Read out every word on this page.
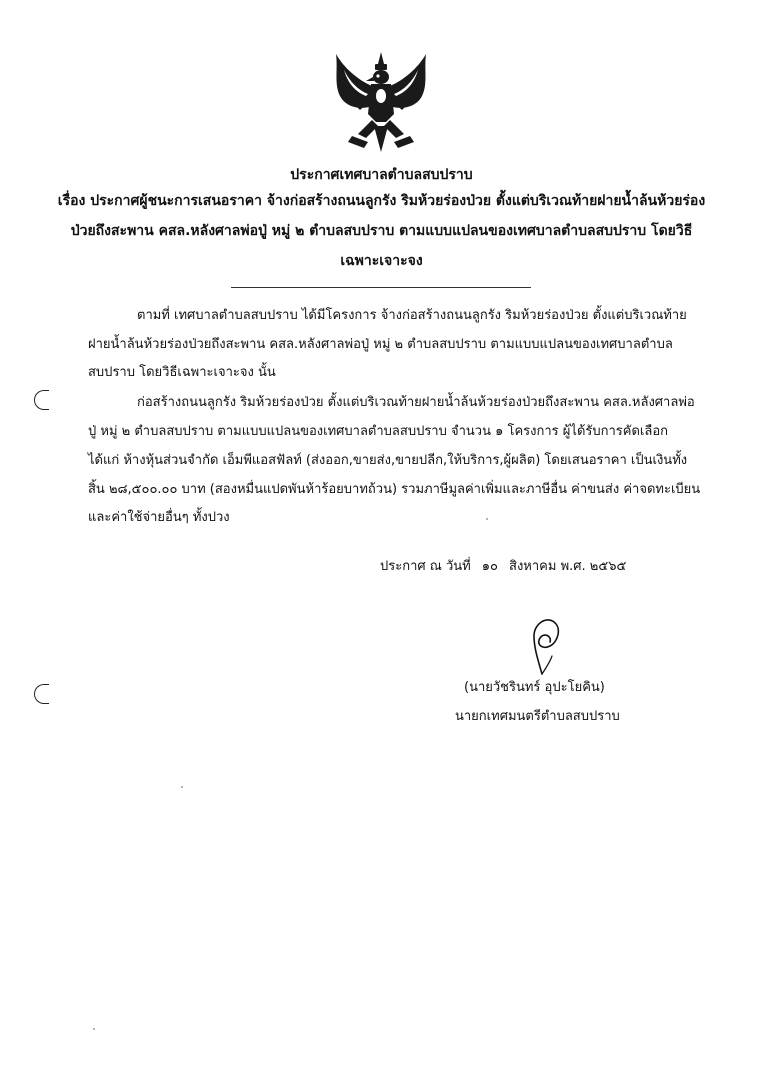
ประกาศเทศบาลตำบลสบปราบ
เรื่อง ประกาศผู้ชนะการเสนอราคา จ้างก่อสร้างถนนลูกรัง ริมห้วยร่องป่วย ตั้งแต่บริเวณท้ายฝายน้ำล้นห้วยร่อง
ป่วยถึงสะพาน คสล.หลังศาลพ่อปู่ หมู่ ๒ ตำบลสบปราบ ตามแบบแปลนของเทศบาลตำบลสบปราบ โดยวิธี
เฉพาะเจาะจง
ตามที่ เทศบาลตำบลสบปราบ ได้มีโครงการ จ้างก่อสร้างถนนลูกรัง ริมห้วยร่องป่วย ตั้งแต่บริเวณท้าย
ฝายน้ำล้นห้วยร่องป่วยถึงสะพาน คสล.หลังศาลพ่อปู่ หมู่ ๒ ตำบลสบปราบ ตามแบบแปลนของเทศบาลตำบล
สบปราบ โดยวิธีเฉพาะเจาะจง นั้น
ก่อสร้างถนนลูกรัง ริมห้วยร่องป่วย ตั้งแต่บริเวณท้ายฝายน้ำล้นห้วยร่องป่วยถึงสะพาน คสล.หลังศาลพ่อ
ปู่ หมู่ ๒ ตำบลสบปราบ ตามแบบแปลนของเทศบาลตำบลสบปราบ จำนวน ๑ โครงการ ผู้ได้รับการคัดเลือก
ได้แก่ ห้างหุ้นส่วนจำกัด เอ็มพีแอสฟัลท์ (ส่งออก,ขายส่ง,ขายปลีก,ให้บริการ,ผู้ผลิต) โดยเสนอราคา เป็นเงินทั้ง
สิ้น ๒๘,๕๐๐.๐๐ บาท (สองหมื่นแปดพันห้าร้อยบาทถ้วน) รวมภาษีมูลค่าเพิ่มและภาษีอื่น ค่าขนส่ง ค่าจดทะเบียน
และค่าใช้จ่ายอื่นๆ ทั้งปวง
ประกาศ ณ วันที่ ๑๐ สิงหาคม พ.ศ. ๒๕๖๕
(นายวัชรินทร์ อุปะโยคิน)
นายกเทศมนตรีตำบลสบปราบ
